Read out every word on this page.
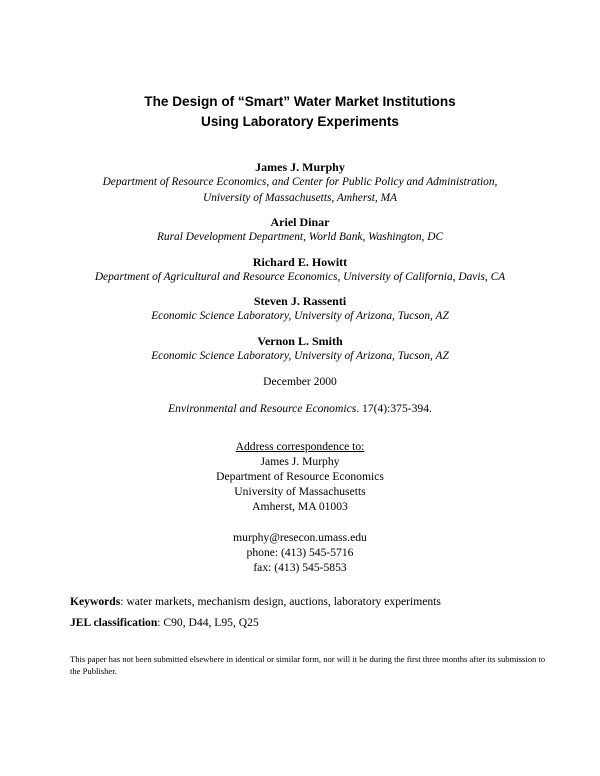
The Design of “Smart” Water Market Institutions
Using Laboratory Experiments
James J. Murphy
Department of Resource Economics, and Center for Public Policy and Administration,
University of Massachusetts, Amherst, MA
Ariel Dinar
Rural Development Department, World Bank, Washington, DC
Richard E. Howitt
Department of Agricultural and Resource Economics, University of California, Davis, CA
Steven J. Rassenti
Economic Science Laboratory, University of Arizona, Tucson, AZ
Vernon L. Smith
Economic Science Laboratory, University of Arizona, Tucson, AZ
December 2000
Environmental and Resource Economics. 17(4):375-394.
Address correspondence to:
James J. Murphy
Department of Resource Economics
University of Massachusetts
Amherst, MA 01003
murphy@resecon.umass.edu
phone: (413) 545-5716
fax: (413) 545-5853
Keywords: water markets, mechanism design, auctions, laboratory experiments
JEL classification: C90, D44, L95, Q25
This paper has not been submitted elsewhere in identical or similar form, nor will it be during the first three months after its submission to the Publisher.
